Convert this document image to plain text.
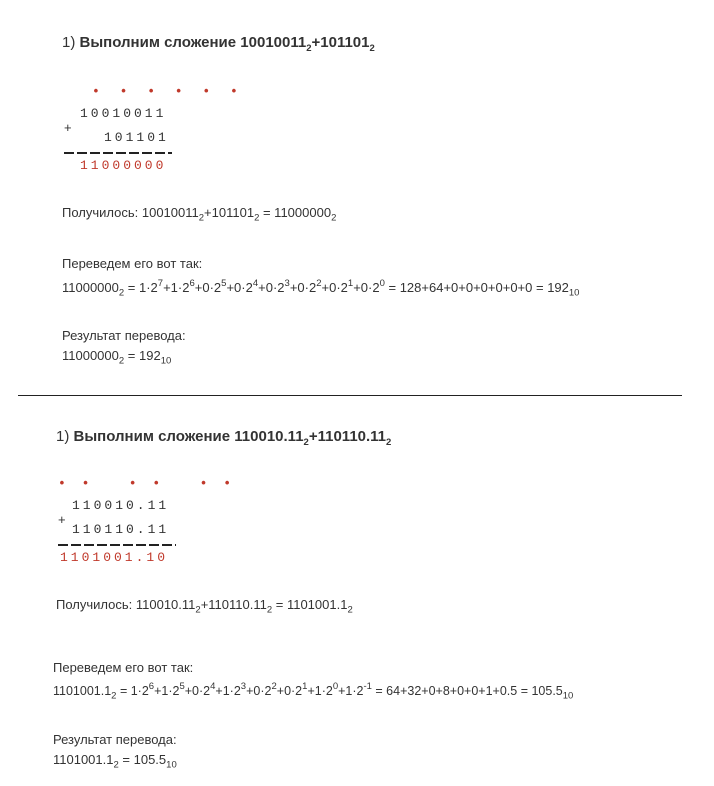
1) Выполним сложение $10010011_2+101101_2$
• • • • • •
+
10010011
101101
11000000
Получилось: $10010011_2+101101_2 = 11000000_2$
Переведем его вот так:
$11000000_2 = 1\cdot 2^7+1\cdot 2^6+0\cdot 2^5+0\cdot 2^4+0\cdot 2^3+0\cdot 2^2+0\cdot 2^1+0\cdot 2^0 = 128+64+0+0+0+0+0+0 = 192_{10}$
Результат перевода:
$11000000_2 = 192_{10}$
1) Выполним сложение $110010.11_2+110110.11_2$
• •   • •   • •
+
110010.11
110110.11
1101001.10
Получилось: $110010.11_2+110110.11_2 = 1101001.1_2$
Переведем его вот так:
$1101001.1_2 = 1\cdot 2^6+1\cdot 2^5+0\cdot 2^4+1\cdot 2^3+0\cdot 2^2+0\cdot 2^1+1\cdot 2^0+1\cdot 2^{-1} = 64+32+0+8+0+0+1+0.5 = 105.5_{10}$
Результат перевода:
$1101001.1_2 = 105.5_{10}$
